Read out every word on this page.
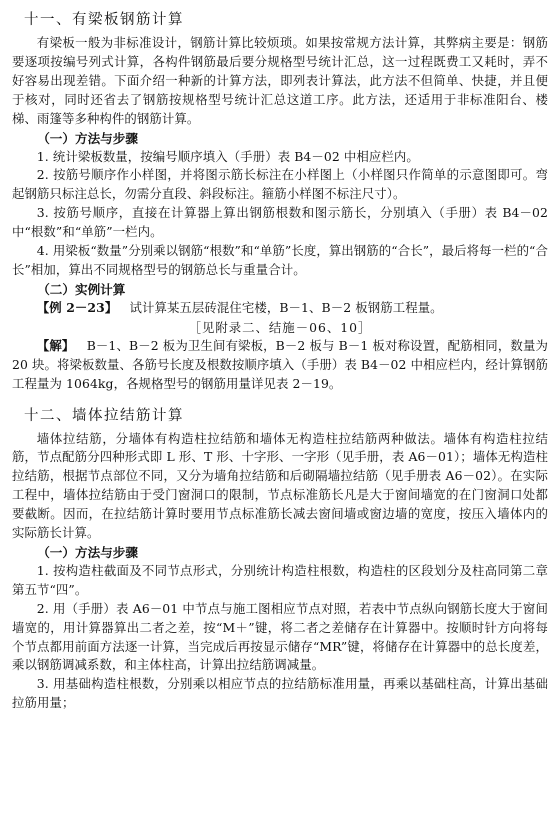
十一、有梁板钢筋计算

有梁板一般为非标准设计，钢筋计算比较烦琐。如果按常规方法计算，其弊病主要是：钢筋要逐项按编号列式计算，各构件钢筋最后要分规格型号统计汇总，这一过程既费工又耗时，弄不好容易出现差错。下面介绍一种新的计算方法，即列表计算法，此方法不但简单、快捷，并且便于核对，同时还省去了钢筋按规格型号统计汇总这道工序。此方法，还适用于非标准阳台、楼梯、雨篷等多种构件的钢筋计算。

（一）方法与步骤

1. 统计梁板数量，按编号顺序填入（手册）表 B4－02 中相应栏内。

2. 按筋号顺序作小样图，并将图示筋长标注在小样图上（小样图只作简单的示意图即可。弯起钢筋只标注总长，勿需分直段、斜段标注。箍筋小样图不标注尺寸）。

3. 按筋号顺序，直接在计算器上算出钢筋根数和图示筋长，分别填入（手册）表 B4－02 中“根数”和“单筋”一栏内。

4. 用梁板“数量”分别乘以钢筋“根数”和“单筋”长度，算出钢筋的“合长”，最后将每一栏的“合长”相加，算出不同规格型号的钢筋总长与重量合计。

（二）实例计算

【例 2－23】 试计算某五层砖混住宅楼，B－1、B－2 板钢筋工程量。

［见附录二、结施－06、10］

【解】 B－1、B－2 板为卫生间有梁板，B－2 板与 B－1 板对称设置，配筋相同，数量为 20 块。将梁板数量、各筋号长度及根数按顺序填入（手册）表 B4－02 中相应栏内，经计算钢筋工程量为 1064kg，各规格型号的钢筋用量详见表 2－19。

十二、墙体拉结筋计算

墙体拉结筋，分墙体有构造柱拉结筋和墙体无构造柱拉结筋两种做法。墙体有构造柱拉结筋，节点配筋分四种形式即 L 形、T 形、十字形、一字形（见手册，表 A6－01）；墙体无构造柱拉结筋，根据节点部位不同，又分为墙角拉结筋和后砌隔墙拉结筋（见手册表 A6－02）。在实际工程中，墙体拉结筋由于受门窗洞口的限制，节点标准筋长凡是大于窗间墙宽的在门窗洞口处都要截断。因而，在拉结筋计算时要用节点标准筋长减去窗间墙或窗边墙的宽度，按压入墙体内的实际筋长计算。

（一）方法与步骤

1. 按构造柱截面及不同节点形式，分别统计构造柱根数，构造柱的区段划分及柱高同第二章第五节“四”。

2. 用（手册）表 A6－01 中节点与施工图相应节点对照，若表中节点纵向钢筋长度大于窗间墙宽的，用计算器算出二者之差，按“M＋”键，将二者之差储存在计算器中。按顺时针方向将每个节点都用前面方法逐一计算，当完成后再按显示储存“MR”键，将储存在计算器中的总长度差，乘以钢筋调减系数，和主体柱高，计算出拉结筋调减量。

3. 用基础构造柱根数，分别乘以相应节点的拉结筋标准用量，再乘以基础柱高，计算出基础拉筋用量；
